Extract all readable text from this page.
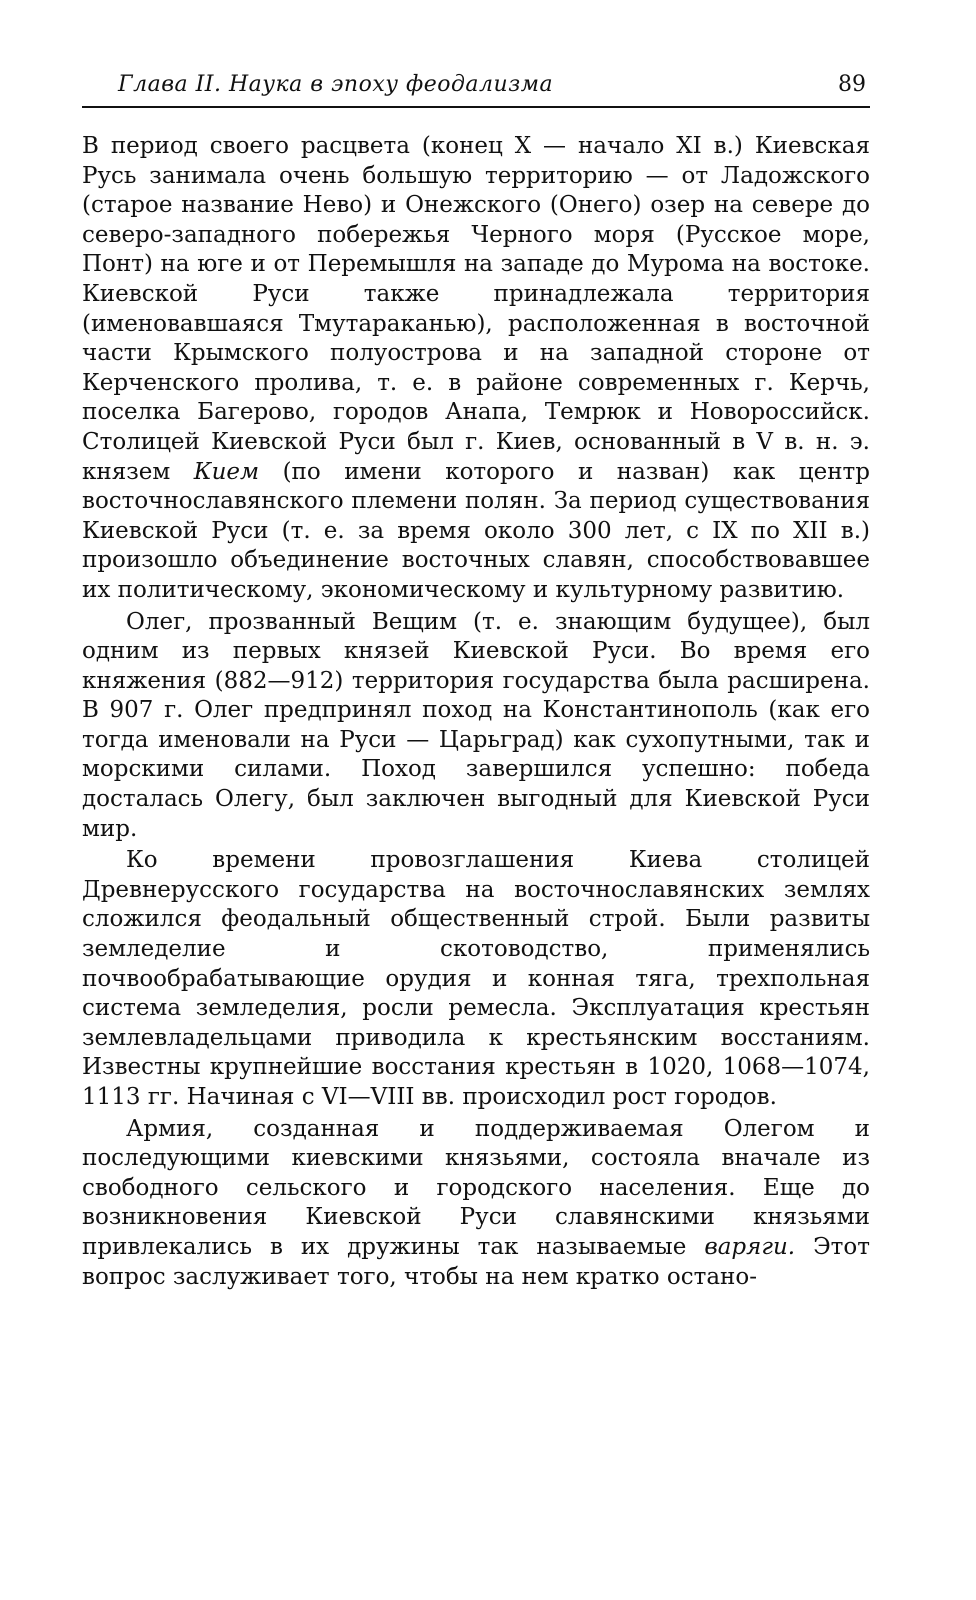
Глава II. Наука в эпоху феодализма	89

В период своего расцвета (конец X — начало XI в.) Киевская Русь занимала очень большую территорию — от Ладожского (старое название Нево) и Онежского (Онего) озер на севере до северо-западного побережья Черного моря (Русское море, Понт) на юге и от Перемышля на западе до Мурома на востоке. Киевской Руси также принадлежала территория (именовавшаяся Тмутараканью), расположенная в восточной части Крымского полуострова и на западной стороне от Керченского пролива, т. е. в районе современных г. Керчь, поселка Багерово, городов Анапа, Темрюк и Новороссийск. Столицей Киевской Руси был г. Киев, основанный в V в. н. э. князем Кием (по имени которого и назван) как центр восточнославянского племени полян. За период существования Киевской Руси (т. е. за время около 300 лет, с IX по XII в.) произошло объединение восточных славян, способствовавшее их политическому, экономическому и культурному развитию.

Олег, прозванный Вещим (т. е. знающим будущее), был одним из первых князей Киевской Руси. Во время его княжения (882—912) территория государства была расширена. В 907 г. Олег предпринял поход на Константинополь (как его тогда именовали на Руси — Царьград) как сухопутными, так и морскими силами. Поход завершился успешно: победа досталась Олегу, был заключен выгодный для Киевской Руси мир.

Ко времени провозглашения Киева столицей Древнерусского государства на восточнославянских землях сложился феодальный общественный строй. Были развиты земледелие и скотоводство, применялись почвообрабатывающие орудия и конная тяга, трехпольная система земледелия, росли ремесла. Эксплуатация крестьян землевладельцами приводила к крестьянским восстаниям. Известны крупнейшие восстания крестьян в 1020, 1068—1074, 1113 гг. Начиная с VI—VIII вв. происходил рост городов.

Армия, созданная и поддерживаемая Олегом и последующими киевскими князьями, состояла вначале из свободного сельского и городского населения. Еще до возникновения Киевской Руси славянскими князьями привлекались в их дружины так называемые варяги. Этот вопрос заслуживает того, чтобы на нем кратко остано-
